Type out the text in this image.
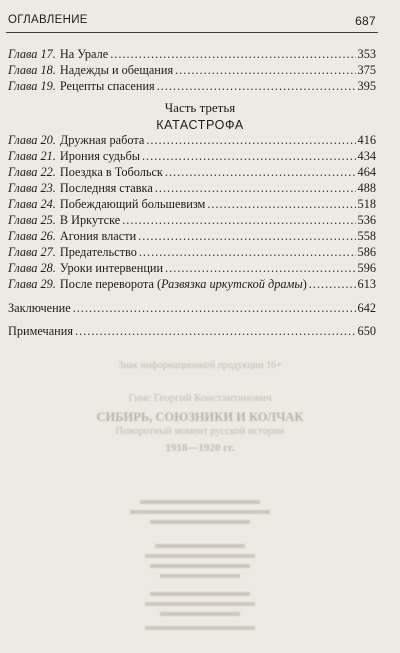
ОГЛАВЛЕНИЕ	687
Глава 17. На Урале .....	353
Глава 18. Надежды и обещания .....	375
Глава 19. Рецепты спасения .....	395
Часть третья
КАТАСТРОФА
Глава 20. Дружная работа .....	416
Глава 21. Ирония судьбы .....	434
Глава 22. Поездка в Тобольск .....	464
Глава 23. Последняя ставка .....	488
Глава 24. Побеждающий большевизм .....	518
Глава 25. В Иркутске .....	536
Глава 26. Агония власти .....	558
Глава 27. Предательство .....	586
Глава 28. Уроки интервенции .....	596
Глава 29. После переворота (Развязка иркутской драмы) .....	613
Заключение .....	642
Примечания .....	650
Знак информационной продукции 16+
Гинс Георгий Константинович
СИБИРЬ, СОЮЗНИКИ И КОЛЧАК
Поворотный момент русской истории
1918—1920 гг.
